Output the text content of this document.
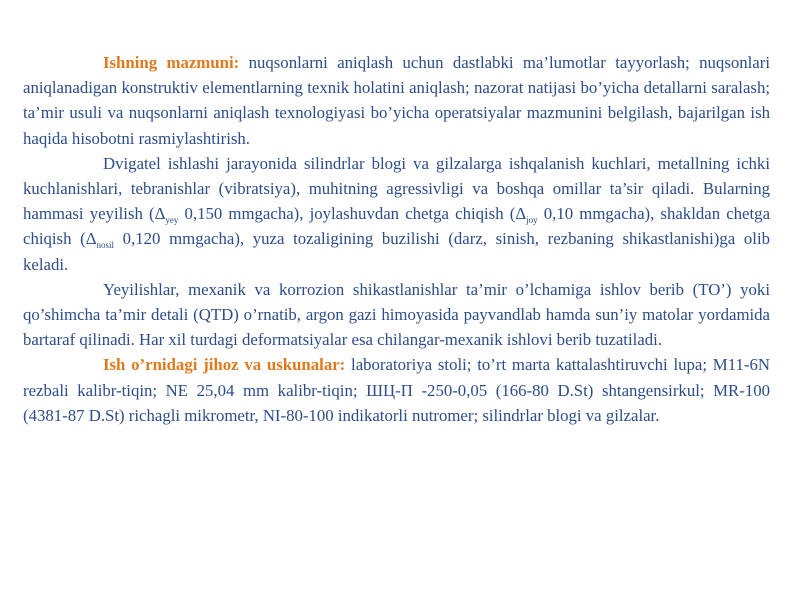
Ishning mazmuni: nuqsonlarni aniqlash uchun dastlabki ma’lumotlar tayyorlash; nuqsonlari aniqlanadigan konstruktiv elementlarning texnik holatini aniqlash; nazorat natijasi bo’yicha detallarni saralash; ta’mir usuli va nuqsonlarni aniqlash texnologiyasi bo’yicha operatsiyalar mazmunini belgilash, bajarilgan ish haqida hisobotni rasmiylashtirish.

Dvigatel ishlashi jarayonida silindrlar blogi va gilzalarga ishqalanish kuchlari, metallning ichki kuchlanishlari, tebranishlar (vibratsiya), muhitning agressivligi va boshqa omillar ta’sir qiladi. Bularning hammasi yeyilish ($\Delta_{yey}$ 0,150 mmgacha), joylashuvdan chetga chiqish ($\Delta_{joy}$ 0,10 mmgacha), shakldan chetga chiqish ($\Delta_{nosil}$ 0,120 mmgacha), yuza tozaligining buzilishi (darz, sinish, rezbaning shikastlanishi)ga olib keladi.

Yeyilishlar, mexanik va korrozion shikastlanishlar ta’mir o’lchamiga ishlov berib (TO’) yoki qo’shimcha ta’mir detali (QTD) o’rnatib, argon gazi himoyasida payvandlab hamda sun’iy matolar yordamida bartaraf qilinadi. Har xil turdagi deformatsiyalar esa chilangar-mexanik ishlovi berib tuzatiladi.

Ish o’rnidagi jihoz va uskunalar: laboratoriya stoli; to’rt marta kattalashtiruvchi lupa; M11-6N rezbali kalibr-tiqin; NE 25,04 mm kalibr-tiqin; ШЦ-П -250-0,05 (166-80 D.St) shtangensirkul; MR-100 (4381-87 D.St) richagli mikrometr, NI-80-100 indikatorli nutromer; silindrlar blogi va gilzalar.
